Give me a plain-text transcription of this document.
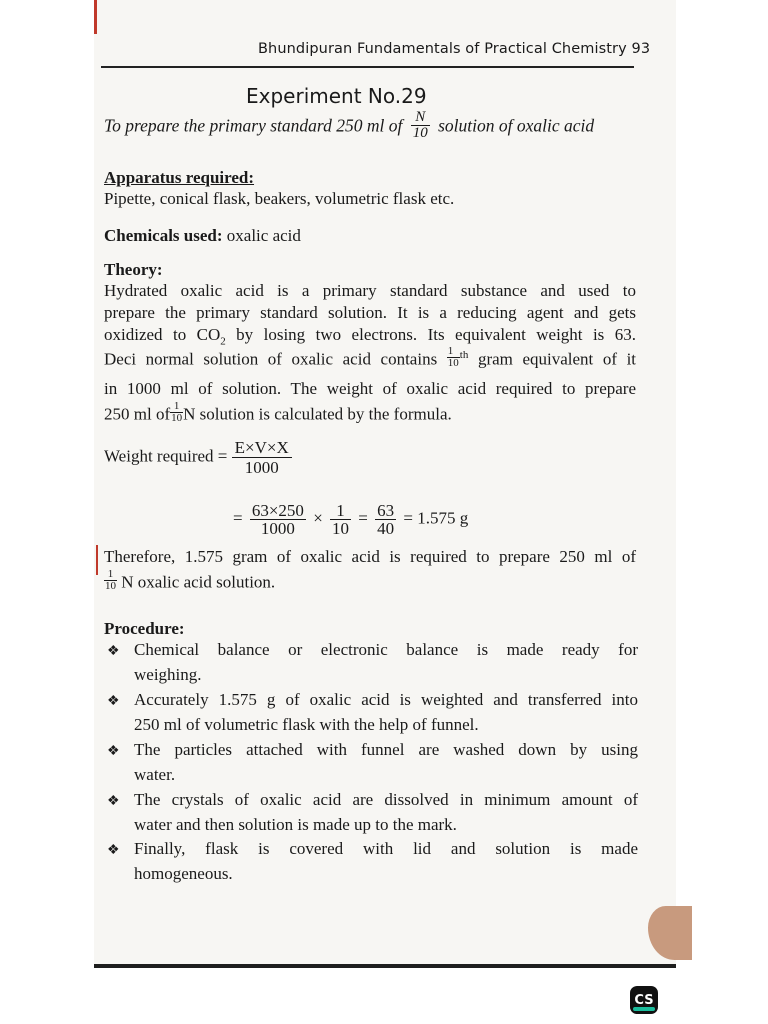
Bhundipuran Fundamentals of Practical Chemistry 93
Experiment No.29
To prepare the primary standard 250 ml of $\frac{N}{10}$ solution of oxalic acid
Apparatus required:
Pipette, conical flask, beakers, volumetric flask etc.
Chemicals used: oxalic acid
Theory:
Hydrated oxalic acid is a primary standard substance and used to
prepare the primary standard solution. It is a reducing agent and gets
oxidized to $CO_2$ by losing two electrons. Its equivalent weight is 63.
Deci normal solution of oxalic acid contains $\frac{1}{10} ^{th}$ gram equivalent of it
in 1000 ml of solution. The weight of oxalic acid required to prepare
250 ml of $\frac{1}{10}$ N solution is calculated by the formula.
Weight required = $\frac{E\times V\times X}{1000}$
= $\frac{63\times 250}{1000} \times \frac{1}{10} = \frac{63}{40} = 1.575$ g
Therefore, 1.575 gram of oxalic acid is required to prepare 250 ml of
$\frac{1}{10}$ N oxalic acid solution.
Procedure:
❖ Chemical balance or electronic balance is made ready for
weighing.
❖ Accurately 1.575 g of oxalic acid is weighted and transferred into
250 ml of volumetric flask with the help of funnel.
❖ The particles attached with funnel are washed down by using
water.
❖ The crystals of oxalic acid are dissolved in minimum amount of
water and then solution is made up to the mark.
❖ Finally, flask is covered with lid and solution is made
homogeneous.
CS
